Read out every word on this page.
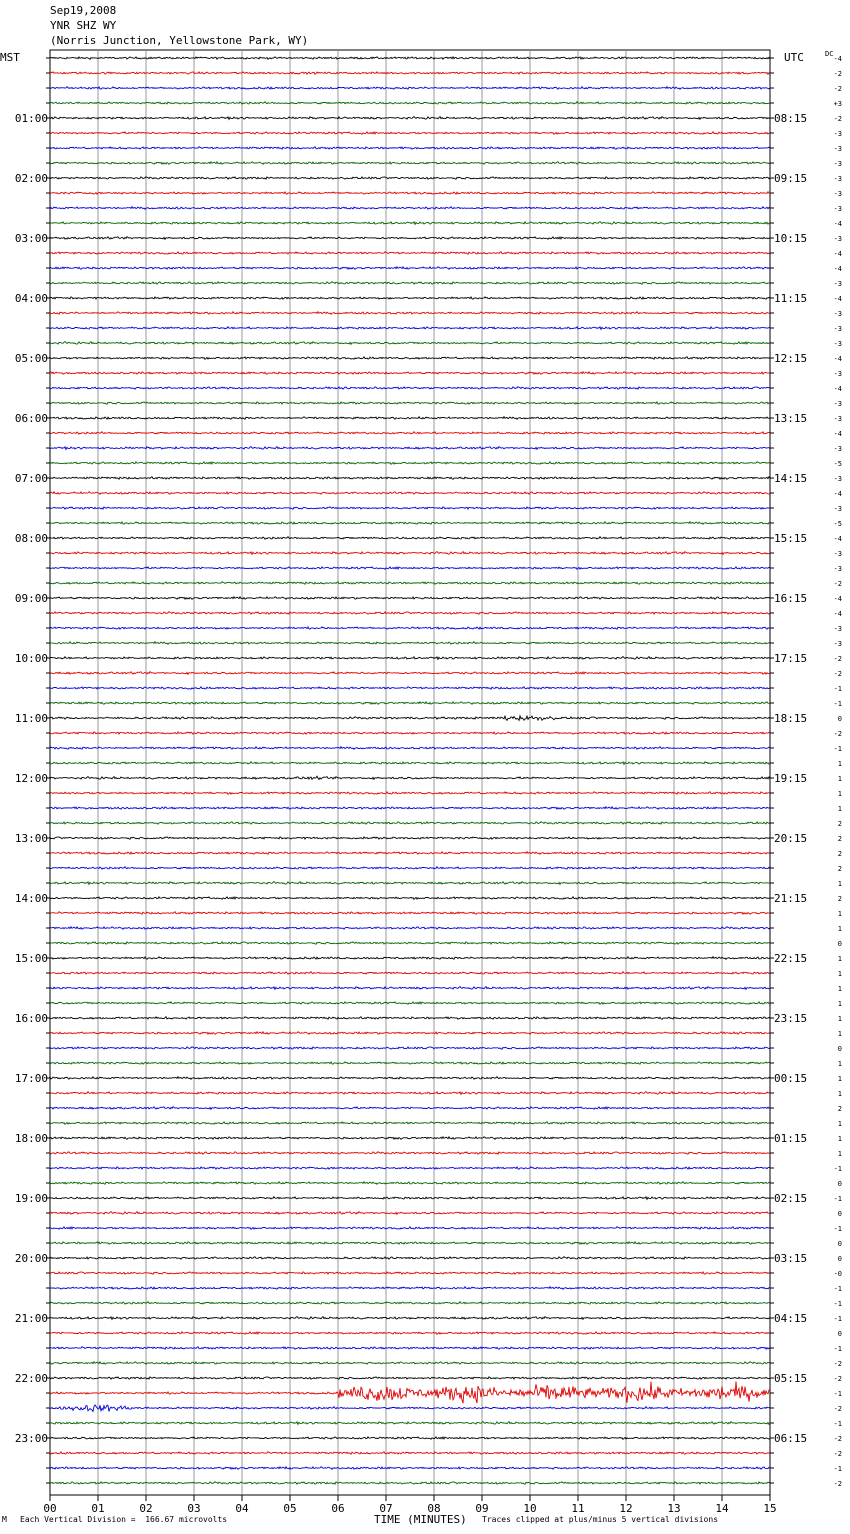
Sep19,2008
YNR SHZ WY
(Norris Junction, Yellowstone Park, WY)
MST	UTC	DC
00	01	02	03	04	05	06	07	08	09	10	11	12	13	14	15
-4
-2
-2
+3
-2
-3
-3
-3
-3
-3
-3
-4
-3
-4
-4
-3
-4
-3
-3
-3
-4
-3
-4
-3
-3
-4
-3
-5
-3
-4
-3
-5
-4
-3
-3
-2
-4
-4
-3
-3
-2
-2
-1
-1
0
-2
-1
1
1
1
1
2
2
2
2
1
2
1
1
0
1
1
1
1
1
1
0
1
1
1
2
1
1
1
-1
0
-1
0
-1
0
0
-0
-1
-1
-1
0
-1
-2
-2
-1
-2
-1
-2
-2
-1
-2
01:00
02:00
03:00
04:00
05:00
06:00
07:00
08:00
09:00
10:00
11:00
12:00
13:00
14:00
15:00
16:00
17:00
18:00
19:00
20:00
21:00
22:00
23:00
08:15
09:15
10:15
11:15
12:15
13:15
14:15
15:15
16:15
17:15
18:15
19:15
20:15
21:15
22:15
23:15
00:15
01:15
02:15
03:15
04:15
05:15
06:15
TIME (MINUTES)
M Each Vertical Division =  166.67 microvolts	Traces clipped at plus/minus 5 vertical divisions
